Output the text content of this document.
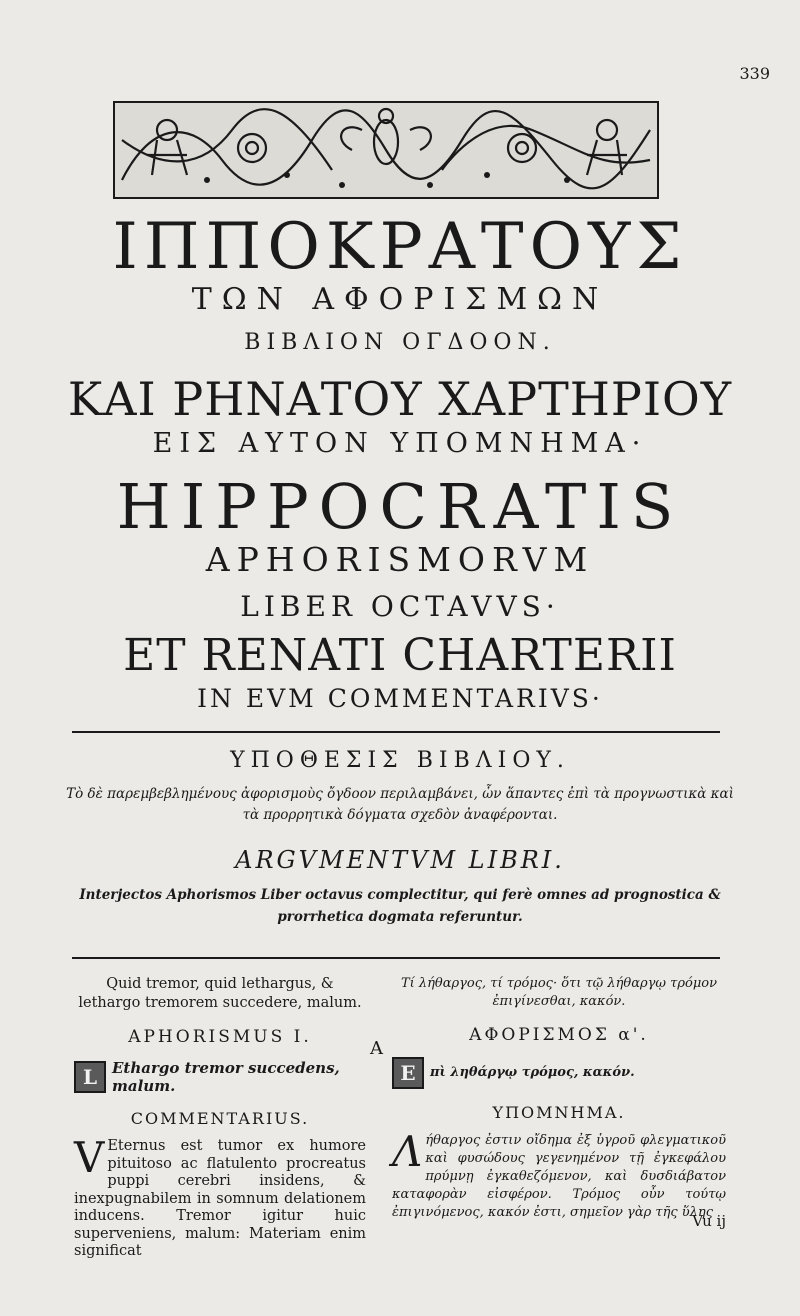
339
ΙΠΠΟΚΡΑΤΟΥΣ
ΤΩΝ ΑΦΟΡΙΣΜΩΝ
ΒΙΒΛΙΟΝ ΟΓΔΟΟΝ.
ΚΑΙ ΡΗΝΑΤΟΥ ΧΑΡΤΗΡΙΟΥ
ΕΙΣ ΑΥΤΟΝ ΥΠΟΜΝΗΜΑ·
HIPPOCRATIS
APHORISMORVM
LIBER OCTAVVS·
ET RENATI CHARTERII
IN EVM COMMENTARIVS·
ΥΠΟΘΕΣΙΣ ΒΙΒΛΙΟΥ.
Τὸ δὲ παρεμβεβλημένους ἀφορισμοὺς ὄγδοον περιλαμβάνει, ὧν ἅπαντες ἐπὶ τὰ προγνωστικὰ καὶ τὰ προρρητικὰ δόγματα σχεδὸν ἀναφέρονται.
ARGVMENTVM LIBRI.
Interjectos Aphorismos Liber octavus complectitur, qui ferè omnes ad prognostica & prorrhetica dogmata referuntur.
Quid tremor, quid lethargus, & lethargo tremorem succedere, malum.
APHORISMUS I.
L Ethargo tremor succedens, malum.
COMMENTARIUS.
V Eternus est tumor ex humore pituitoso ac flatulento procreatus puppi cerebri insidens, & inexpugnabilem in somnum delationem inducens. Tremor igitur huic superveniens, malum: Materiam enim significat
A
Τί λήθαργος, τί τρόμος· ὅτι τῷ λήθαργῳ τρόμον ἐπιγίνεσθαι, κακόν.
ΑΦΟΡΙΣΜΟΣ α'.
Ε	πὶ ληθάργῳ τρόμος, κακόν.
ΥΠΟΜΝΗΜΑ.
Λήθαργος ἐστιν οἴδημα ἐξ ὑγροῦ φλεγματικοῦ καὶ φυσώδους γεγενημένον τῇ ἐγκεφάλου πρύμνῃ ἐγκαθεζόμενον, καὶ δυσδιάβατον καταφορὰν εἰσφέρον. Τρόμος οὖν τούτῳ ἐπιγινόμενος, κακόν ἐστι, σημεῖον γὰρ τῆς ὕλης
Vu ij
